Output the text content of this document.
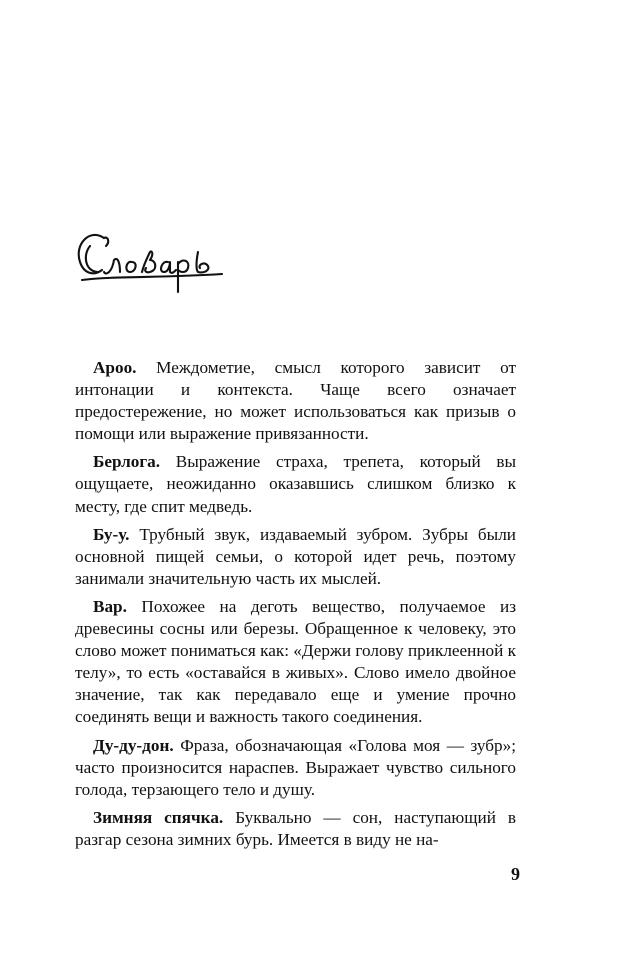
Ароо. Междометие, смысл которого зависит от интонации и контекста. Чаще всего означает предостережение, но может использоваться как призыв о помощи или выражение привязанности.

Берлога. Выражение страха, трепета, который вы ощущаете, неожиданно оказавшись слишком близко к месту, где спит медведь.

Бу-у. Трубный звук, издаваемый зубром. Зубры были основной пищей семьи, о которой идет речь, поэтому занимали значительную часть их мыслей.

Вар. Похожее на деготь вещество, получаемое из древесины сосны или березы. Обращенное к человеку, это слово может пониматься как: «Держи голову приклеенной к телу», то есть «оставайся в живых». Слово имело двойное значение, так как передавало еще и умение прочно соединять вещи и важность такого соединения.

Ду-ду-дон. Фраза, обозначающая «Голова моя — зубр»; часто произносится нараспев. Выражает чувство сильного голода, терзающего тело и душу.

Зимняя спячка. Буквально — сон, наступающий в разгар сезона зимних бурь. Имеется в виду не на-

9
